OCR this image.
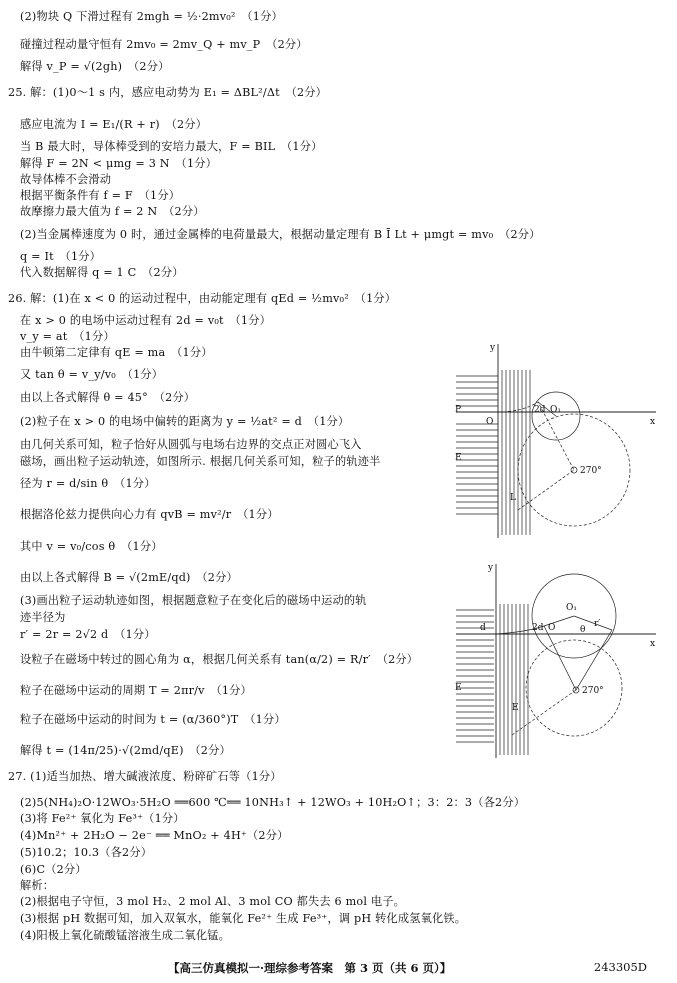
(2)物块 Q 下滑过程有 2mgh = ½·2mv₀²　（1分）
碰撞过程动量守恒有 2mv₀ = 2mv_Q + mv_P　（2分）
解得 v_P = √(2gh)　（2分）
25. 解：(1)0～1 s 内，感应电动势为 E₁ = ΔBL²/Δt　（2分）
感应电流为 I = E₁/(R + r)　（2分）
当 B 最大时，导体棒受到的安培力最大，F = BIL　（1分）
解得 F = 2N < μmg = 3 N　（1分）
故导体棒不会滑动
根据平衡条件有 f = F　（1分）
故摩擦力最大值为 f = 2 N　（2分）
(2)当金属棒速度为 0 时，通过金属棒的电荷量最大，根据动量定理有 B Ī Lt + μmgt = mv₀　（2分）
q = It　（1分）
代入数据解得 q = 1 C　（2分）
26. 解：(1)在 x < 0 的运动过程中，由动能定理有 qEd = ½mv₀²　（1分）
在 x > 0 的电场中运动过程有 2d = v₀t　（1分）
v_y = at　（1分）
由牛顿第二定律有 qE = ma　（1分）
又 tan θ = v_y/v₀　（1分）
由以上各式解得 θ = 45°　（2分）
(2)粒子在 x > 0 的电场中偏转的距离为 y = ½at² = d　（1分）
由几何关系可知，粒子恰好从圆弧与电场右边界的交点正对圆心飞入
磁场，画出粒子运动轨迹，如图所示. 根据几何关系可知，粒子的轨迹半
径为 r = d/sin θ　（1分）
根据洛伦兹力提供向心力有 qvB = mv²/r　（1分）
其中 v = v₀/cos θ　（1分）
由以上各式解得 B = √(2mE/qd)　（2分）
(3)画出粒子运动轨迹如图，根据题意粒子在变化后的磁场中运动的轨
迹半径为
r′ = 2r = 2√2 d　（1分）
设粒子在磁场中转过的圆心角为 α，根据几何关系有 tan(α/2) = R/r′　（2分）
粒子在磁场中运动的周期 T = 2πr/v　（1分）
粒子在磁场中运动的时间为 t = (α/360°)T　（1分）
解得 t = (14π/25)·√(2md/qE)　（2分）
27. (1)适当加热、增大碱液浓度、粉碎矿石等（1分）
(2)5(NH₄)₂O·12WO₃·5H₂O ══600 ℃══ 10NH₃↑ + 12WO₃ + 10H₂O↑；3：2：3（各2分）
(3)将 Fe²⁺ 氧化为 Fe³⁺（1分）
(4)Mn²⁺ + 2H₂O − 2e⁻ ══ MnO₂ + 4H⁺（2分）
(5)10.2；10.3（各2分）
(6)C（2分）
解析：
(2)根据电子守恒，3 mol H₂、2 mol Al、3 mol CO 都失去 6 mol 电子。
(3)根据 pH 数据可知，加入双氧水，能氧化 Fe²⁺ 生成 Fe³⁺，调 pH 转化成氢氧化铁。
(4)阳极上氧化硫酸锰溶液生成二氧化锰。
y
x
P
O
O₁
2d
E
L
270°
y
x
d	2d O
O₁
θ
r′
E
E
270°
【高三仿真模拟一·理综参考答案　第 3 页（共 6 页）】	243305D
